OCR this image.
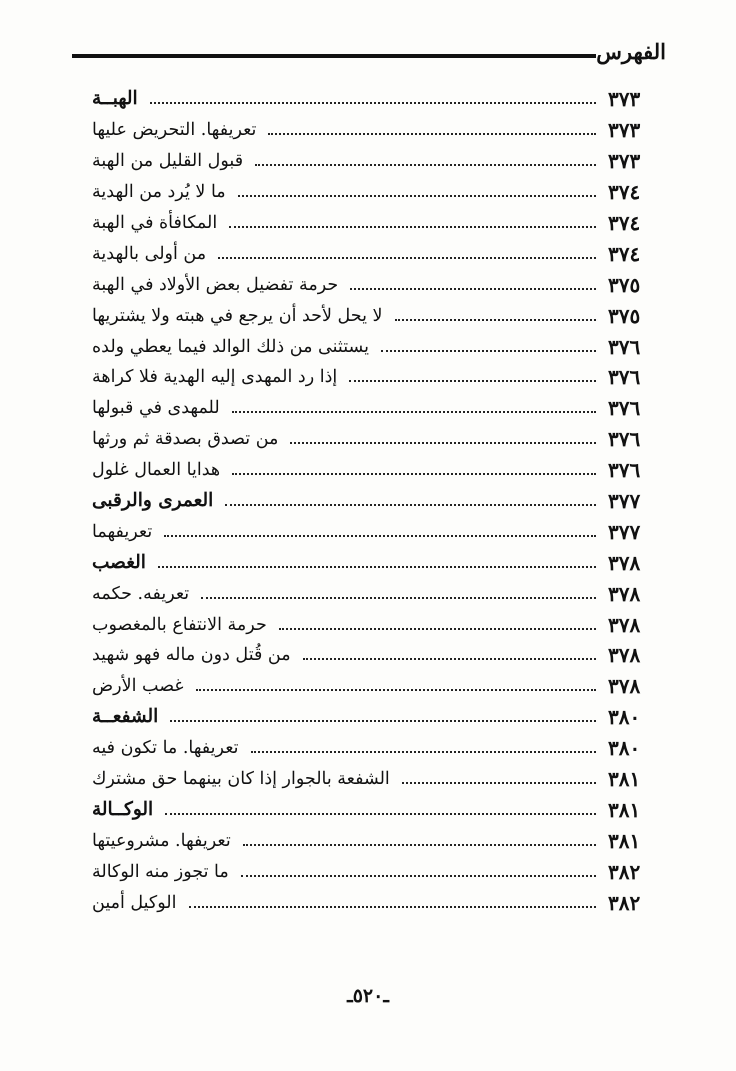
الفهرس
الهبــة	٣٧٣
تعريفها. التحريض عليها	٣٧٣
قبول القليل من الهبة	٣٧٣
ما لا يُرد من الهدية	٣٧٤
المكافأة في الهبة	٣٧٤
من أولى بالهدية	٣٧٤
حرمة تفضيل بعض الأولاد في الهبة	٣٧٥
لا يحل لأحد أن يرجع في هبته ولا يشتريها	٣٧٥
يستثنى من ذلك الوالد فيما يعطي ولده	٣٧٦
إذا رد المهدى إليه الهدية فلا كراهة	٣٧٦
للمهدى في قبولها	٣٧٦
من تصدق بصدقة ثم ورثها	٣٧٦
هدايا العمال غلول	٣٧٦
العمرى والرقبى	٣٧٧
تعريفهما	٣٧٧
الغصب	٣٧٨
تعريفه. حكمه	٣٧٨
حرمة الانتفاع بالمغصوب	٣٧٨
من قُتل دون ماله فهو شهيد	٣٧٨
غصب الأرض	٣٧٨
الشفعــة	٣٨٠
تعريفها. ما تكون فيه	٣٨٠
الشفعة بالجوار إذا كان بينهما حق مشترك	٣٨١
الوكــالة	٣٨١
تعريفها. مشروعيتها	٣٨١
ما تجوز منه الوكالة	٣٨٢
الوكيل أمين	٣٨٢
ـ٥٢٠ـ
